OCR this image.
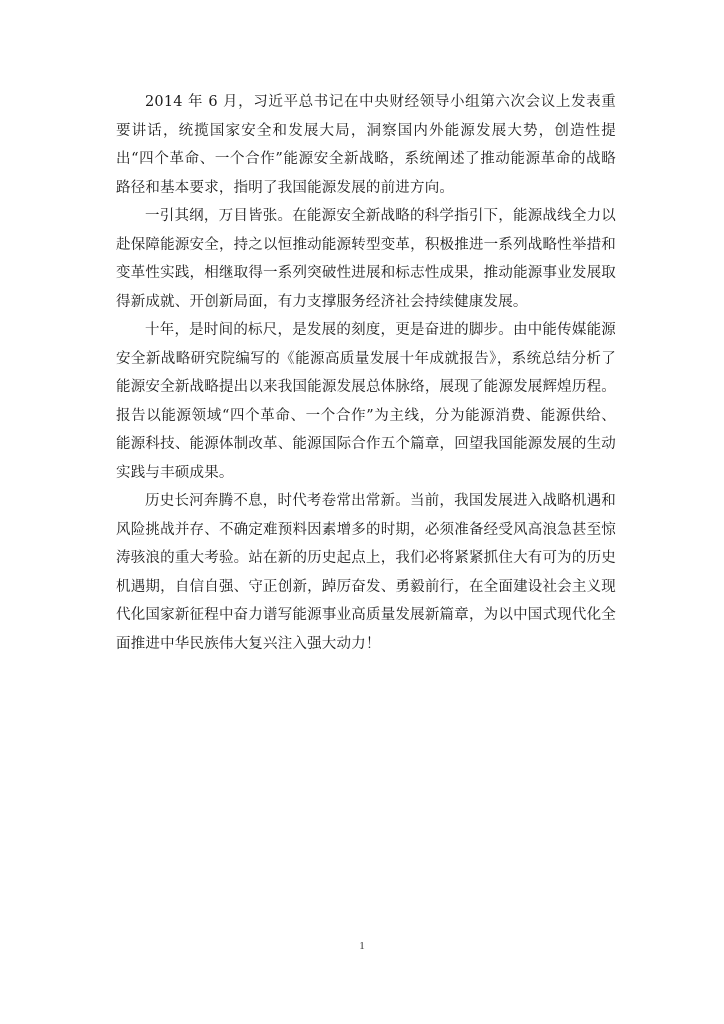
2014 年 6 月，习近平总书记在中央财经领导小组第六次会议上发表重要讲话，统揽国家安全和发展大局，洞察国内外能源发展大势，创造性提出“四个革命、一个合作”能源安全新战略，系统阐述了推动能源革命的战略路径和基本要求，指明了我国能源发展的前进方向。

一引其纲，万目皆张。在能源安全新战略的科学指引下，能源战线全力以赴保障能源安全，持之以恒推动能源转型变革，积极推进一系列战略性举措和变革性实践，相继取得一系列突破性进展和标志性成果，推动能源事业发展取得新成就、开创新局面，有力支撑服务经济社会持续健康发展。

十年，是时间的标尺，是发展的刻度，更是奋进的脚步。由中能传媒能源安全新战略研究院编写的《能源高质量发展十年成就报告》，系统总结分析了能源安全新战略提出以来我国能源发展总体脉络，展现了能源发展辉煌历程。报告以能源领域“四个革命、一个合作”为主线，分为能源消费、能源供给、能源科技、能源体制改革、能源国际合作五个篇章，回望我国能源发展的生动实践与丰硕成果。

历史长河奔腾不息，时代考卷常出常新。当前，我国发展进入战略机遇和风险挑战并存、不确定难预料因素增多的时期，必须准备经受风高浪急甚至惊涛骇浪的重大考验。站在新的历史起点上，我们必将紧紧抓住大有可为的历史机遇期，自信自强、守正创新，踔厉奋发、勇毅前行，在全面建设社会主义现代化国家新征程中奋力谱写能源事业高质量发展新篇章，为以中国式现代化全面推进中华民族伟大复兴注入强大动力！

1
